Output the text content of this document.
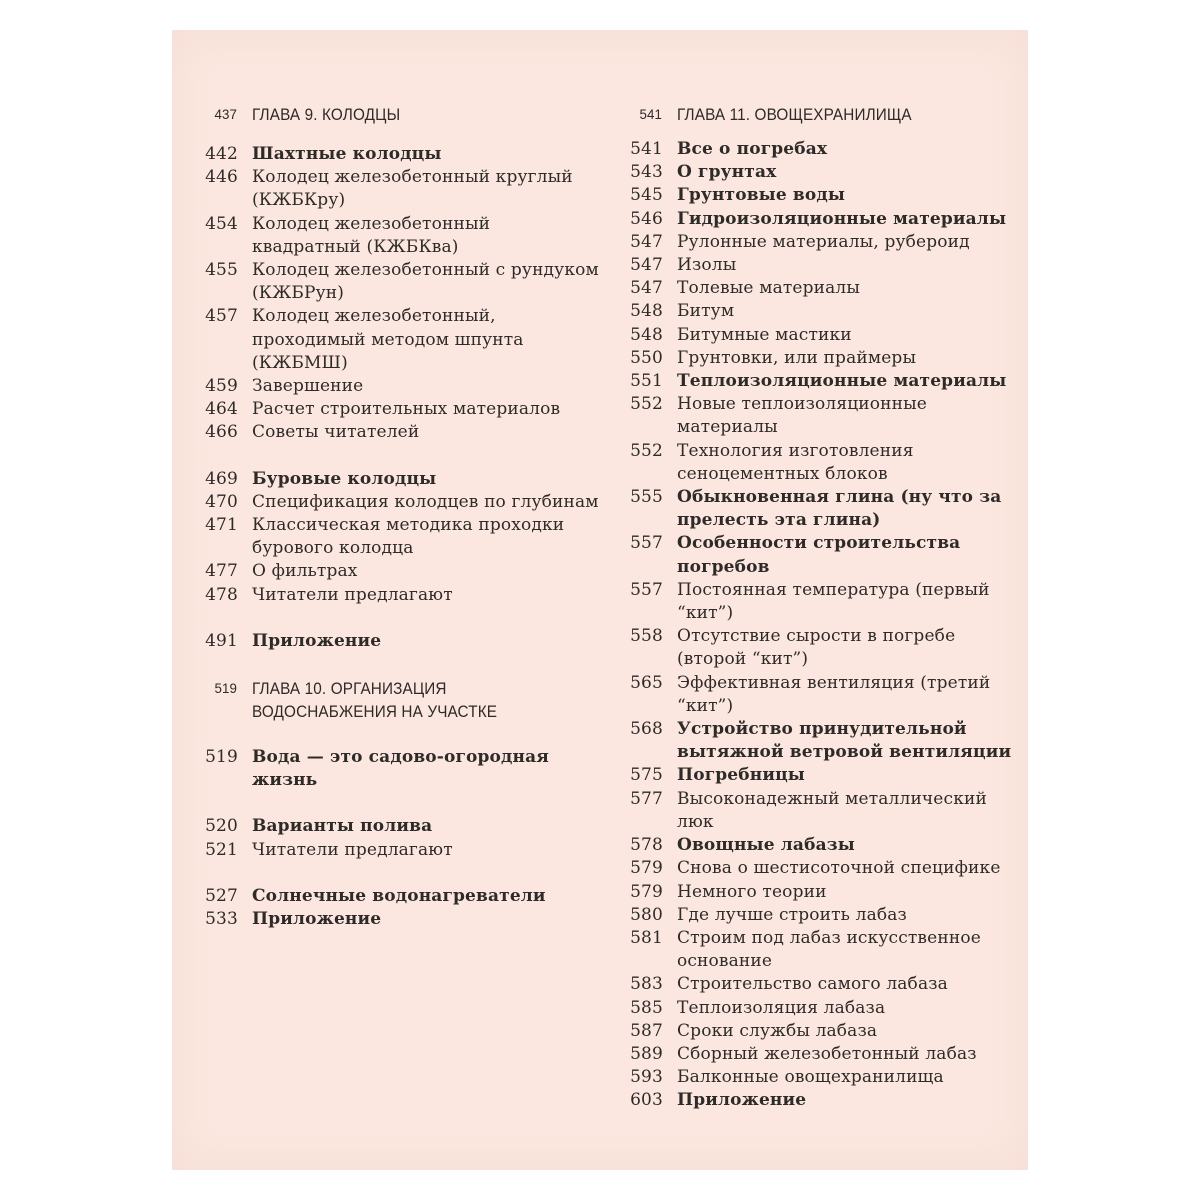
437 ГЛАВА 9. КОЛОДЦЫ
442 Шахтные колодцы
446 Колодец железобетонный круглый (КЖБКру)
454 Колодец железобетонный квадратный (КЖБКва)
455 Колодец железобетонный с рундуком (КЖБРун)
457 Колодец железобетонный, проходимый методом шпунта (КЖБМШ)
459 Завершение
464 Расчет строительных материалов
466 Советы читателей
469 Буровые колодцы
470 Спецификация колодцев по глубинам
471 Классическая методика проходки бурового колодца
477 О фильтрах
478 Читатели предлагают
491 Приложение
519 ГЛАВА 10. ОРГАНИЗАЦИЯ ВОДОСНАБЖЕНИЯ НА УЧАСТКЕ
519 Вода — это садово-огородная жизнь
520 Варианты полива
521 Читатели предлагают
527 Солнечные водонагреватели
533 Приложение
541 ГЛАВА 11. ОВОЩЕХРАНИЛИЩА
541 Все о погребах
543 О грунтах
545 Грунтовые воды
546 Гидроизоляционные материалы
547 Рулонные материалы, рубероид
547 Изолы
547 Толевые материалы
548 Битум
548 Битумные мастики
550 Грунтовки, или праймеры
551 Теплоизоляционные материалы
552 Новые теплоизоляционные материалы
552 Технология изготовления сеноцементных блоков
555 Обыкновенная глина (ну что за прелесть эта глина)
557 Особенности строительства погребов
557 Постоянная температура (первый “кит”)
558 Отсутствие сырости в погребе (второй “кит”)
565 Эффективная вентиляция (третий “кит”)
568 Устройство принудительной вытяжной ветровой вентиляции
575 Погребницы
577 Высоконадежный металлический люк
578 Овощные лабазы
579 Снова о шестисоточной специфике
579 Немного теории
580 Где лучше строить лабаз
581 Строим под лабаз искусственное основание
583 Строительство самого лабаза
585 Теплоизоляция лабаза
587 Сроки службы лабаза
589 Сборный железобетонный лабаз
593 Балконные овощехранилища
603 Приложение
